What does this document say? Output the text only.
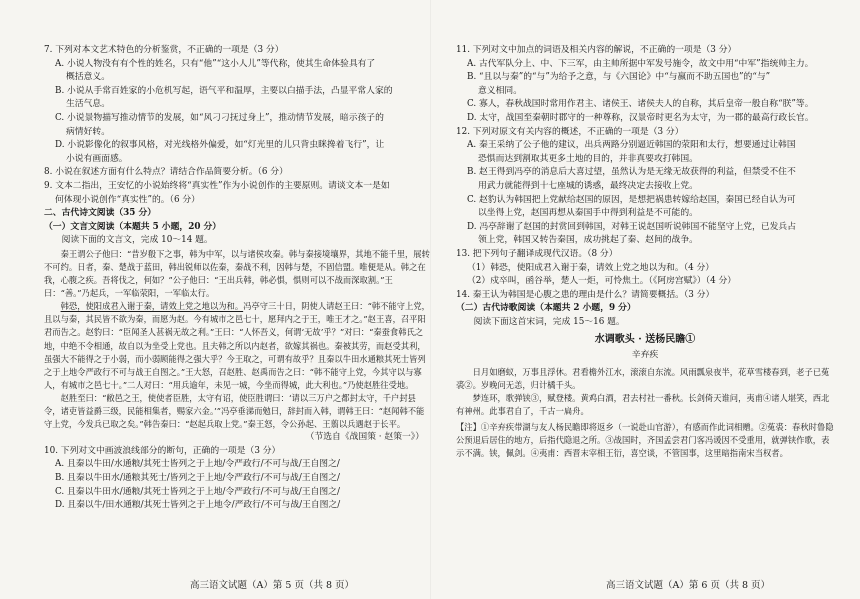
7. 下列对本文艺术特色的分析鉴赏，不正确的一项是（3 分）

A. 小说人物没有有个性的姓名，只有“他”“这小人儿”等代称，使其生命体验具有了
概括意义。

B. 小说从手常百姓家的小危机写起，语气平和温厚，主要以白描手法，凸显平常人家的
生活气息。

C. 小说景物描写推动情节的发展，如“风刁刁抚过身上”，推动情节发展，暗示孩子的
病情好转。

D. 小说影像化的叙事风格，对光线格外偏爱，如“灯光里的儿只背虫眯搀着飞行”，让
小说有画面感。

8. 小说在叙述方面有什么特点？请结合作品简要分析。（6 分）

9. 文本二指出，王安忆的小说始终将“真实性”作为小说创作的主要原则。请谈文本一是如

何体现小说创作“真实性”的。（6 分）

二、古代诗文阅读（35 分）

（一）文言文阅读（本题共 5 小题，20 分）

阅读下面的文言文，完成 10～14 题。

秦王谓公子他曰：“昔岁殽下之事，韩为中军，以与诸侯攻秦。韩与秦接境壤界，其地不能千里，展转不可约。日者，秦、楚战于蓝田，韩出锐师以佐秦，秦战不利，因韩与楚，不固信盟。唯便是从。韩之在我，心腹之疾。吾将伐之，何如？”公子他曰：“王出兵韩，韩必惧，惧则可以不战而深取割。”王曰：“善。”乃起兵，一军临荥阳，一军临太行。

韩恐，使阳成君入谢于秦，请效上党之地以为和。冯亭守三十日，阴使人请赵王曰：“韩不能守上党，且以与秦，其民皆不欲为秦，而愿为赵。今有城市之邑七十，愿拜内之于王，唯王才之。”赵王喜，召平阳君而告之。赵豹曰：“臣闻圣人甚祸无故之利。”王曰：“人怀吾义，何谓‘无故’乎？”对曰：“秦蚕食韩氏之地，中绝不令相通，故自以为坐受上党也。且夫韩之所以内赵者，欲嫁其祸也。秦被其劳，而赵受其利，虽强大不能得之于小弱，而小弱顾能得之强大乎？今王取之，可谓有故乎？且秦以牛田水通粮其死士皆列之于上地令严政行不可与战王自图之。”王大怒，召赵胜、赵禹而告之曰：“韩不能守上党，今其守以与寡人，有城市之邑七十。”二人对曰：“用兵逾年，未见一城，今坐而得城，此大利也。”乃使赵胜往受地。

赵胜至曰：“敝邑之王，使使者臣胜，太守有诏，使臣胜谓曰：‘请以三万户之都封太守，千户封县令，诸吏皆益爵三级，民能相集者，赐家六金。’”冯亭垂涕而勉曰，辞封而入韩，谓韩王曰：“赵闻韩不能守上党，今发兵已取之矣。”韩告秦曰：“赵起兵取上党。”秦王怒，令公孙起、王翦以兵遇赵于长平。

（节选自《战国策 · 赵策一》）

10. 下列对文中画波浪线部分的断句，正确的一项是（3 分）

A. 且秦以牛田/水通粮/其死士皆列之于上地/令严政行/不可与战/王自图之/

B. 且秦以牛田水/通粮其死士/皆列之于上地/令严政行/不可与战/王自图之/

C. 且秦以牛田水/通粮/其死士皆列之于上地/令严政行/不可与战/王自图之/

D. 且秦以牛/田水通粮/其死士皆列之于上地令/严政行/不可与战/王自图之/

11. 下列对文中加点的词语及相关内容的解说，不正确的一项是（3 分）

A. 古代军队分上、中、下三军，由主帅所据中军发号施令，故文中用“中军”指统帅主力。

B. “且以与秦”的“与”为给予之意，与《六国论》中“与嬴而不助五国也”的“与”
意义相同。

C. 寡人，春秋战国时常用作君主、诸侯王、诸侯夫人的自称，其后皇帝一般自称“朕”等。

D. 太守，战国至秦朝时郡守的一种尊称，汉景帝时更名为太守，为一郡的最高行政长官。

12. 下列对原文有关内容的概述，不正确的一项是（3 分）

A. 秦王采纳了公子他的建议，出兵两路分别逼近韩国的荥阳和太行，想要通过让韩国
恐惧而达到割取其更多土地的目的，并非真要攻打韩国。

B. 赵王得到冯亭的消息后大喜过望，虽然认为是无缘无故获得的利益，但禁受不住不
用武力就能得到十七座城的诱惑，最终决定去接收上党。

C. 赵豹认为韩国把上党献给赵国的原因，是想把祸患转嫁给赵国，秦国已经自认为可
以坐得上党，赵国再想从秦国手中得到利益是不可能的。

D. 冯亭辞谢了赵国的封赏回到韩国，对韩王说赵国听说韩国不能坚守上党，已发兵占
领上党，韩国又转告秦国，成功挑起了秦、赵间的战争。

13. 把下列句子翻译成现代汉语。（8 分）

（1）韩恐，使阳成君入谢于秦，请效上党之地以为和。（4 分）

（2）戍卒叫，函谷举，楚人一炬，可怜焦土。（《阿房宫赋》）（4 分）

14. 秦王认为韩国是心腹之患的理由是什么？请简要概括。（3 分）

（二）古代诗歌阅读（本题共 2 小题，9 分）

阅读下面这首宋词，完成 15～16 题。

水调歌头 · 送杨民瞻①

辛弃疾

日月如磨蚁，万事且浮休。君看檐外江水，滚滚自东流。风雨瓢泉夜半，花草雪楼春到，老子已菟裘②。岁晚问无恙，归计橘千头。

梦连环，歌弹铗③，赋登楼。黄鸡白酒，君去村社一番秋。长剑倚天谁问，夷甫④诸人堪笑，西北有神州。此事君自了，千古一扁舟。

【注】①辛弃疾带湖与友人杨民瞻即将返乡（一说赴山官游），有感而作此词相赠。②菟裘：春秋时鲁隐公预退后居住的地方，后指代隐退之所。③战国时，齐国孟尝君门客冯谖因不受重用，就弹铗作歌，表示不满。铗，佩剑。④夷甫：西晋末宰相王衍，喜空谈，不管国事，这里暗指南宋当权者。

高三语文试题（A）第 5 页（共 8 页）	高三语文试题（A）第 6 页（共 8 页）
